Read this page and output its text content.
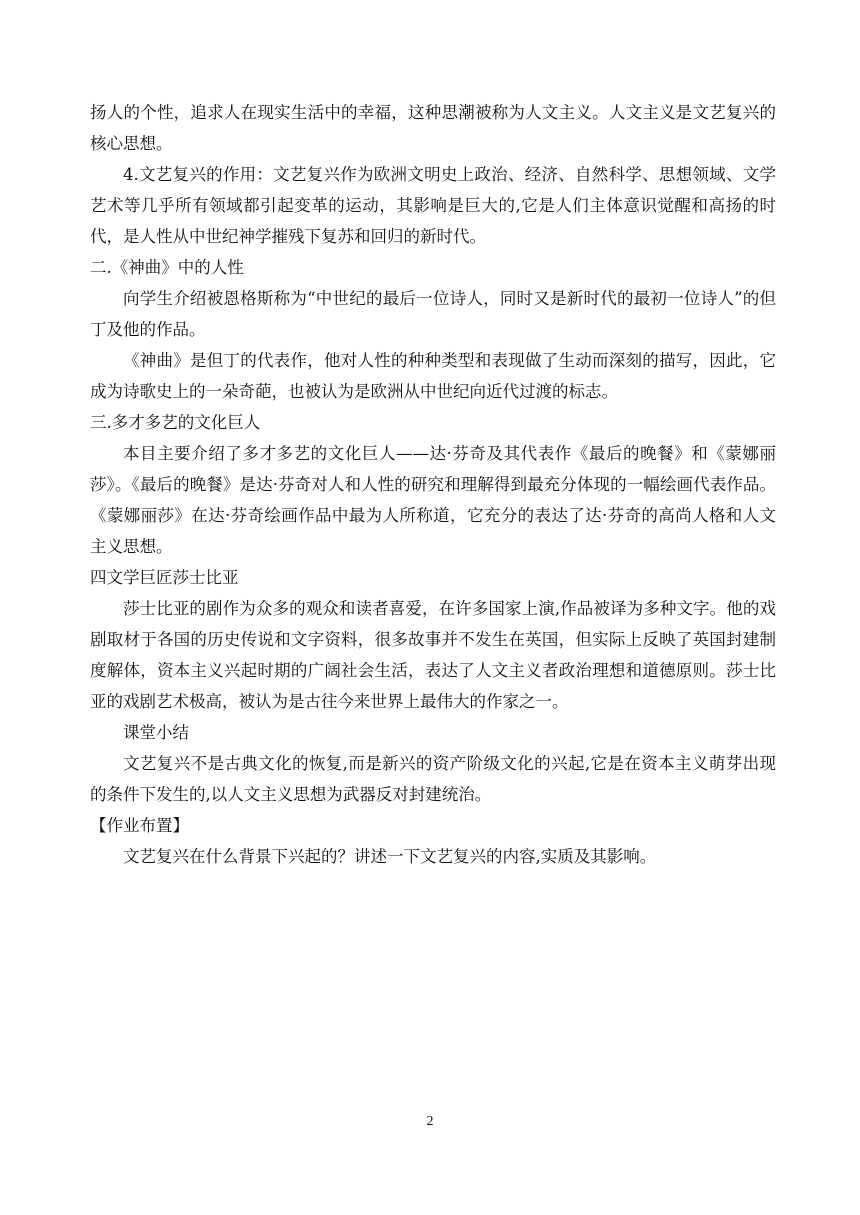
扬人的个性，追求人在现实生活中的幸福，这种思潮被称为人文主义。人文主义是文艺复兴的核心思想。

4.文艺复兴的作用：文艺复兴作为欧洲文明史上政治、经济、自然科学、思想领域、文学艺术等几乎所有领域都引起变革的运动，其影响是巨大的,它是人们主体意识觉醒和高扬的时代，是人性从中世纪神学摧残下复苏和回归的新时代。

二.《神曲》中的人性

向学生介绍被恩格斯称为“中世纪的最后一位诗人，同时又是新时代的最初一位诗人”的但丁及他的作品。

《神曲》是但丁的代表作，他对人性的种种类型和表现做了生动而深刻的描写，因此，它成为诗歌史上的一朵奇葩，也被认为是欧洲从中世纪向近代过渡的标志。

三.多才多艺的文化巨人

本目主要介绍了多才多艺的文化巨人——达·芬奇及其代表作《最后的晚餐》和《蒙娜丽莎》。《最后的晚餐》是达·芬奇对人和人性的研究和理解得到最充分体现的一幅绘画代表作品。《蒙娜丽莎》在达·芬奇绘画作品中最为人所称道，它充分的表达了达·芬奇的高尚人格和人文主义思想。

四文学巨匠莎士比亚

莎士比亚的剧作为众多的观众和读者喜爱，在许多国家上演,作品被译为多种文字。他的戏剧取材于各国的历史传说和文字资料，很多故事并不发生在英国，但实际上反映了英国封建制度解体，资本主义兴起时期的广阔社会生活，表达了人文主义者政治理想和道德原则。莎士比亚的戏剧艺术极高，被认为是古往今来世界上最伟大的作家之一。

课堂小结

文艺复兴不是古典文化的恢复,而是新兴的资产阶级文化的兴起,它是在资本主义萌芽出现的条件下发生的,以人文主义思想为武器反对封建统治。

【作业布置】

文艺复兴在什么背景下兴起的？讲述一下文艺复兴的内容,实质及其影响。

2
